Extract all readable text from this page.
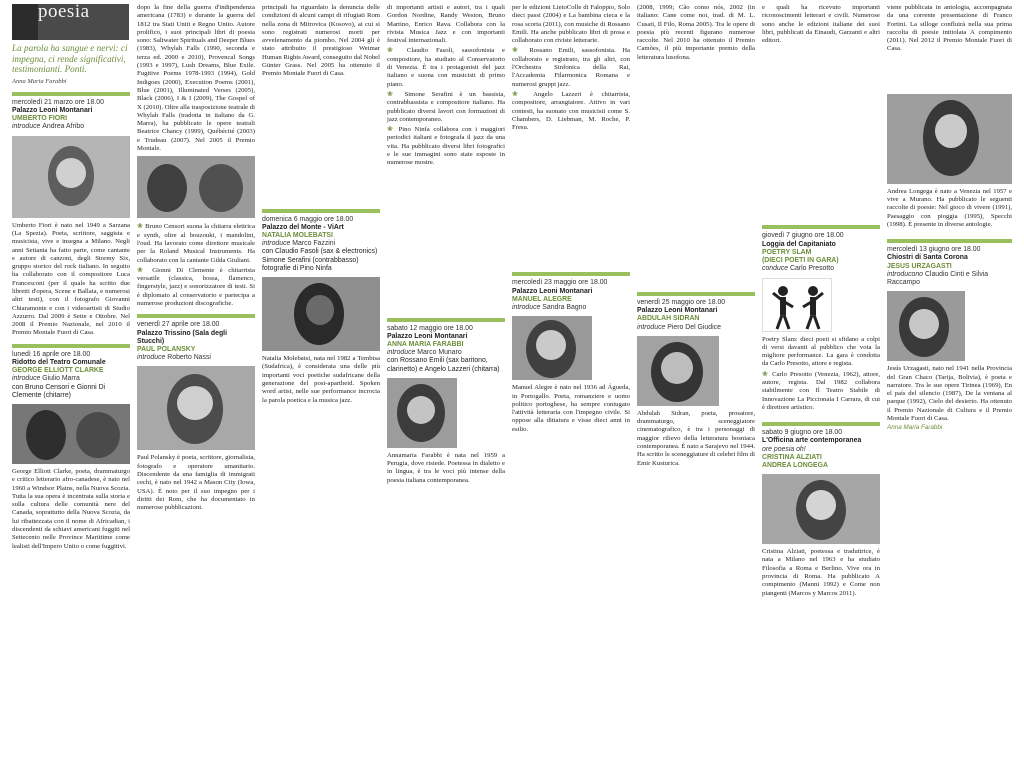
poesia
La parola ha sangue e nervi: ci impegna, ci rende significativi, testimonianti. Ponti.
Anna Maria Farabbi
mercoledì 21 marzo ore 18.00
Palazzo Leoni Montanari
UMBERTO FIORI
introduce Andrea Afribo

Umberto Fiori è nato nel 1949 a Sarzana (La Spezia). Poeta, scrittore, saggista e musicista, vive e insegna a Milano. Negli anni Settanta ha fatto parte, come cantante e autore di canzoni, degli Stormy Six, gruppo storico del rock italiano. In seguito ha collaborato con il compositore Luca Francesconi (per il quale ha scritto due libretti d'opera, Scene e Ballata, e numerosi altri testi), con il fotografo Giovanni Chiaramonte e con i videoartisti di Studio Azzurro. Dal 2009 è Sette e Ottobre. Nel 2008 il Premio Nazionale, nel 2010 il Premio Montale Fuori di Casa.

lunedì 16 aprile ore 18.00
Ridotto del Teatro Comunale
GEORGE ELLIOTT CLARKE
introduce Giulio Marra
con Bruno Censori e Gionni Di Clemente (chitarre)

George Elliott Clarke, poeta, drammaturgo e critico letterario afro-canadese, è nato nel 1960 a Windsor Plains, nella Nuova Scozia. Tutta la sua opera è incentrata sulla storia e sulla cultura delle comunità nere del Canada, soprattutto della Nuova Scozia, da lui ribattezzata con il nome di Africadian, i discendenti da schiavi americani fuggiti nel Settecento nelle Province Marittime come lealisti dell'Impero Unito o come fuggitivi.

dopo la fine della guerra d'indipendenza americana (1783) e durante la guerra del 1812 tra Stati Uniti e Regno Unito. Autore prolifico, i suoi principali libri di poesia sono: Saltwater Spirituals and Deeper Blues (1983), Whylah Falls (1990, seconda e terza ed. 2000 e 2010), Provencal Songs (1993 e 1997), Lush Dreams, Blue Exile. Fugitive Poems 1978-1993 (1994), Gold Indigoes (2000), Execution Poems (2001), Blue (2001), Illuminated Verses (2005), Black (2006), I & I (2009), The Gospel of X (2010). Oltre alla trasposizione teatrale di Whylah Falls (tradotta in italiano da G. Marra), ha pubblicato le opere teatrali Beatrice Chancy (1999), Québécité (2003) e Trudeau (2007). Nel 2005 il Premio Montale.

❀ Bruno Censori suona la chitarra elettrica e synth, oltre al bouzouki, i mandolini, l'oud. Ha lavorato come direttore musicale per la Roland Musical Instruments. Ha collaborato con la cantante Gilda Giuliani.

❀ Gionni Di Clemente è chitarrista versatile (classica, bossa, flamenco, fingerstyle, jazz) e sonorizzatore di testi. Si è diplomato al conservatorio e partecipa a numerose produzioni discografiche.

venerdì 27 aprile ore 18.00
Palazzo Trissino (Sala degli Stucchi)
PAUL POLANSKY
introduce Roberto Nassi

Paul Polansky è poeta, scrittore, giornalista, fotografo e operatore umanitario. Discendente da una famiglia di immigrati cechi, è nato nel 1942 a Mason City (Iowa, USA). È noto per il suo impegno per i diritti dei Rom, che ha documentato in numerose pubblicazioni.

principali ha riguardato la denuncia delle condizioni di alcuni campi di rifugiati Rom nella zona di Mitrovica (Kosovo), ai cui si sono registrati numerosi morti per avvelenamento da piombo. Nel 2004 gli è stato attribuito il prestigioso Weimar Human Rights Award, conseguito dal Nobel Günter Grass. Nel 2005 ha ottenuto il Premio Montale Fuori di Casa.

domenica 6 maggio ore 18.00
Palazzo del Monte - ViArt
NATALIA MOLEBATSI
introduce Marco Fazzini
con Claudio Fasoli (sax & electronics) Simone Serafini (contrabbasso) fotografie di Pino Ninfa

Natalia Molebatsi, nata nel 1982 a Tembisa (Sudafrica), è considerata una delle più importanti voci poetiche sudafricane della generazione del post-apartheid. Spoken word artist, nelle sue performance incrocia la parola poetica e la musica jazz.

di importanti artisti e autori, tra i quali Gordon Nordine, Randy Weston, Bruno Martino, Enrico Rava. Collabora con la rivista Musica Jazz e con importanti festival internazionali.

❀ Claudio Fasoli, sassofonista e compositore, ha studiato al Conservatorio di Venezia. È tra i protagonisti del jazz italiano e suona con musicisti di primo piano.

❀ Simone Serafini è un bassista, contrabbassista e compositore italiano. Ha pubblicato diversi lavori con formazioni di jazz contemporaneo.

❀ Pino Ninfa collabora con i maggiori periodici italiani e fotografa il jazz da una vita. Ha pubblicato diversi libri fotografici e le sue immagini sono state esposte in numerose mostre.

sabato 12 maggio ore 18.00
Palazzo Leoni Montanari
ANNA MARIA FARABBI
introduce Marco Munaro
con Rossano Emili (sax baritono, clarinetto) e Angelo Lazzeri (chitarra)

Annamaria Farabbi è nata nel 1959 a Perugia, dove risiede. Poetessa in dialetto e in lingua, è tra le voci più intense della poesia italiana contemporanea.

per le edizioni LietoColle di Faloppio, Solo dieci passi (2004) e La bambina cieca e la rosa scorta (2011), con musiche di Rossano Emili. Ha anche pubblicato libri di prosa e collaborato con riviste letterarie.

❀ Rossano Emili, sassofonista. Ha collaborato e registrato, tra gli altri, con l'Orchestra Sinfonica della Rai, l'Accademia Filarmonica Romana e numerosi gruppi jazz.

❀ Angelo Lazzeri è chitarrista, compositore, arrangiatore. Attivo in vari contesti, ha suonato con musicisti come S. Chambers, D. Liebman, M. Roche, P. Fresu.

mercoledì 23 maggio ore 18.00
Palazzo Leoni Montanari
MANUEL ALEGRE
introduce Sandra Bagno

Manuel Alegre è nato nel 1936 ad Águeda, in Portogallo. Poeta, romanziere e uomo politico portoghese, ha sempre coniugato l'attività letteraria con l'impegno civile. Si oppose alla dittatura e visse dieci anni in esilio.

(2008, 1999; Cão como nós, 2002 (in italiano: Cane come noi, trad. di M. L. Cusati, Il Filo, Roma 2005). Tra le opere di poesia più recenti figurano numerose raccolte. Nel 2010 ha ottenuto il Premio Camões, il più importante premio della letteratura lusofona.

venerdì 25 maggio ore 18.00
Palazzo Leoni Montanari
ABDULAH SIDRAN
introduce Piero Del Giudice

Abdulah Sidran, poeta, prosatore, drammaturgo, sceneggiatore cinematografico, è tra i personaggi di maggior rilievo della letteratura bosniaca contemporanea. È nato a Sarajevo nel 1944. Ha scritto le sceneggiature di celebri film di Emir Kusturica.

e quali ha ricevuto importanti riconoscimenti letterari e civili. Numerose sono anche le edizioni italiane dei suoi libri, pubblicati da Einaudi, Garzanti e altri editori.

giovedì 7 giugno ore 18.00
Loggia del Capitaniato
POETRY SLAM
(DIECI POETI IN GARA)
conduce Carlo Presotto

Poetry Slam: dieci poeti si sfidano a colpi di versi davanti al pubblico che vota la migliore performance. La gara è condotta da Carlo Presotto, attore e regista.

❀ Carlo Presotto (Venezia, 1962), attore, autore, regista. Dal 1982 collabora stabilmente con Il Teatro Stabile di Innovazione La Piccionaia I Carrara, di cui è direttore artistico.

sabato 9 giugno ore 18.00
L'Officina arte contemporanea
ore poesia oh!
CRISTINA ALZIATI
ANDREA LONGEGA

Cristina Alziati, poetessa e traduttrice, è nata a Milano nel 1963 e ha studiato Filosofia a Roma e Berlino. Vive ora in provincia di Roma. Ha pubblicato A compimento (Manni 1992) e Come non piangenti (Marcos y Marcos 2011).

viene pubblicata in antologia, accompagnata da una corrente presentazione di Franco Fortini. La silloge confluirà nella sua prima raccolta di poesie intitolata A compimento (2011). Nel 2012 il Premio Montale Fuori di Casa.

Andrea Longega è nato a Venezia nel 1957 e vive a Murano. Ha pubblicato le seguenti raccolte di poesie: Nel gioco di vivere (1991), Paesaggio con pioggia (1995), Specchi (1998). È presente in diverse antologie.

mercoledì 13 giugno ore 18.00
Chiostri di Santa Corona
JESUS URZAGASTI
introducono Claudio Cinti e Silvia Raccampo

Jesús Urzagasti, nato nel 1941 nella Provincia del Gran Chaco (Tarija, Bolivia), è poeta e narratore. Tra le sue opere Tirinea (1969), En el país del silencio (1987), De la ventana al parque (1992), Cielo del desierto. Ha ottenuto il Premio Nazionale di Cultura e il Premio Montale Fuori di Casa.

Anna Maria Farabbi
